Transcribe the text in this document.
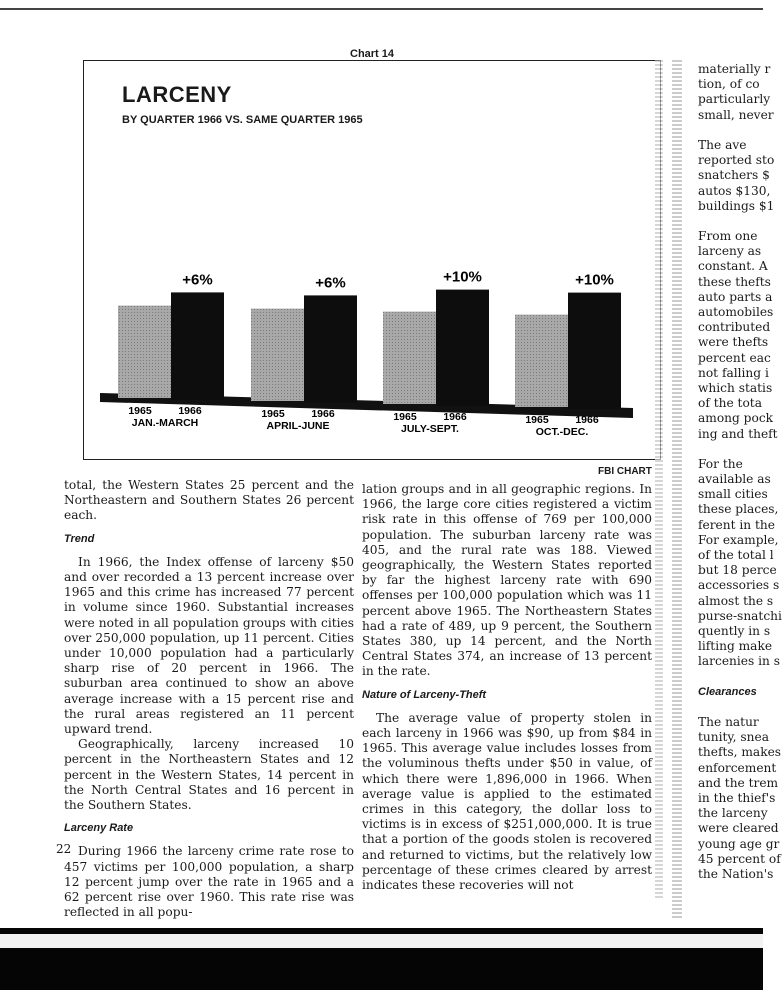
Chart 14
LARCENY
BY QUARTER 1966 VS. SAME QUARTER 1965
+6%
1965	1966
JAN.-MARCH
+6%
1965	1966
APRIL-JUNE
+10%
1965	1966
JULY-SEPT.
+10%
1965	1966
OCT.-DEC.
FBI CHART

total, the Western States 25 percent and the Northeastern and Southern States 26 percent each.

Trend

In 1966, the Index offense of larceny $50 and over recorded a 13 percent increase over 1965 and this crime has increased 77 percent in volume since 1960. Substantial increases were noted in all population groups with cities over 250,000 population, up 11 percent. Cities under 10,000 population had a particularly sharp rise of 20 percent in 1966. The suburban area continued to show an above average increase with a 15 percent rise and the rural areas registered an 11 percent upward trend.

Geographically, larceny increased 10 percent in the Northeastern States and 12 percent in the Western States, 14 percent in the North Central States and 16 percent in the Southern States.

Larceny Rate

During 1966 the larceny crime rate rose to 457 victims per 100,000 population, a sharp 12 percent jump over the rate in 1965 and a 62 percent rise over 1960. This rate rise was reflected in all popu-

lation groups and in all geographic regions. In 1966, the large core cities registered a victim risk rate in this offense of 769 per 100,000 population. The suburban larceny rate was 405, and the rural rate was 188. Viewed geographically, the Western States reported by far the highest larceny rate with 690 offenses per 100,000 population which was 11 percent above 1965. The Northeastern States had a rate of 489, up 9 percent, the Southern States 380, up 14 percent, and the North Central States 374, an increase of 13 percent in the rate.

Nature of Larceny-Theft

The average value of property stolen in each larceny in 1966 was $90, up from $84 in 1965. This average value includes losses from the voluminous thefts under $50 in value, of which there were 1,896,000 in 1966. When average value is applied to the estimated crimes in this category, the dollar loss to victims is in excess of $251,000,000. It is true that a portion of the goods stolen is recovered and returned to victims, but the relatively low percentage of these crimes cleared by arrest indicates these recoveries will not

materially r
tion, of co
particularly
small, never
The ave
reported sto
snatchers $
autos $130,
buildings $1
From one
larceny as
constant. A
these thefts
auto parts a
automobiles
contributed
were thefts
percent eac
not falling i
which statis
of the tota
among pock
ing and theft
For the
available as
small cities
these places,
ferent in the
For example,
of the total l
but 18 perce
accessories s
almost the s
purse-snatchi
quently in s
lifting make
larcenies in s
Clearances
The natur
tunity, snea
thefts, makes
enforcement
and the trem
in the thief's
the larceny
were cleared
young age gr
45 percent of
the Nation's
22
